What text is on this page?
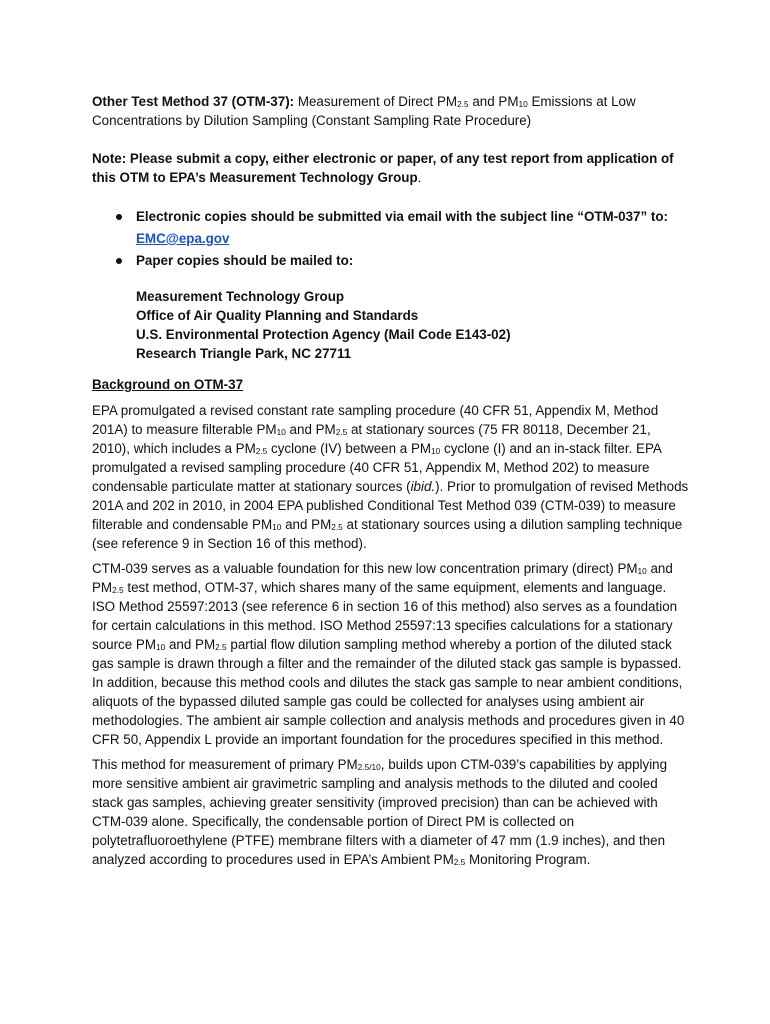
Other Test Method 37 (OTM-37): Measurement of Direct $PM_{2.5}$ and $PM_{10}$ Emissions at Low Concentrations by Dilution Sampling (Constant Sampling Rate Procedure)

Note: Please submit a copy, either electronic or paper, of any test report from application of this OTM to EPA’s Measurement Technology Group.

Electronic copies should be submitted via email with the subject line “OTM-037” to:
EMC@epa.gov
Paper copies should be mailed to:
Measurement Technology Group
Office of Air Quality Planning and Standards
U.S. Environmental Protection Agency (Mail Code E143-02)
Research Triangle Park, NC 27711

Background on OTM-37

EPA promulgated a revised constant rate sampling procedure (40 CFR 51, Appendix M, Method 201A) to measure filterable $PM_{10}$ and $PM_{2.5}$ at stationary sources (75 FR 80118, December 21, 2010), which includes a $PM_{2.5}$ cyclone (IV) between a $PM_{10}$ cyclone (I) and an in-stack filter. EPA promulgated a revised sampling procedure (40 CFR 51, Appendix M, Method 202) to measure condensable particulate matter at stationary sources (ibid.). Prior to promulgation of revised Methods 201A and 202 in 2010, in 2004 EPA published Conditional Test Method 039 (CTM-039) to measure filterable and condensable $PM_{10}$ and $PM_{2.5}$ at stationary sources using a dilution sampling technique (see reference 9 in Section 16 of this method).

CTM-039 serves as a valuable foundation for this new low concentration primary (direct) $PM_{10}$ and $PM_{2.5}$ test method, OTM-37, which shares many of the same equipment, elements and language. ISO Method 25597:2013 (see reference 6 in section 16 of this method) also serves as a foundation for certain calculations in this method. ISO Method 25597:13 specifies calculations for a stationary source $PM_{10}$ and $PM_{2.5}$ partial flow dilution sampling method whereby a portion of the diluted stack gas sample is drawn through a filter and the remainder of the diluted stack gas sample is bypassed. In addition, because this method cools and dilutes the stack gas sample to near ambient conditions, aliquots of the bypassed diluted sample gas could be collected for analyses using ambient air methodologies. The ambient air sample collection and analysis methods and procedures given in 40 CFR 50, Appendix L provide an important foundation for the procedures specified in this method.

This method for measurement of primary $PM_{2.5/10}$, builds upon CTM-039’s capabilities by applying more sensitive ambient air gravimetric sampling and analysis methods to the diluted and cooled stack gas samples, achieving greater sensitivity (improved precision) than can be achieved with CTM-039 alone. Specifically, the condensable portion of Direct PM is collected on polytetrafluoroethylene (PTFE) membrane filters with a diameter of 47 mm (1.9 inches), and then analyzed according to procedures used in EPA’s Ambient $PM_{2.5}$ Monitoring Program.
